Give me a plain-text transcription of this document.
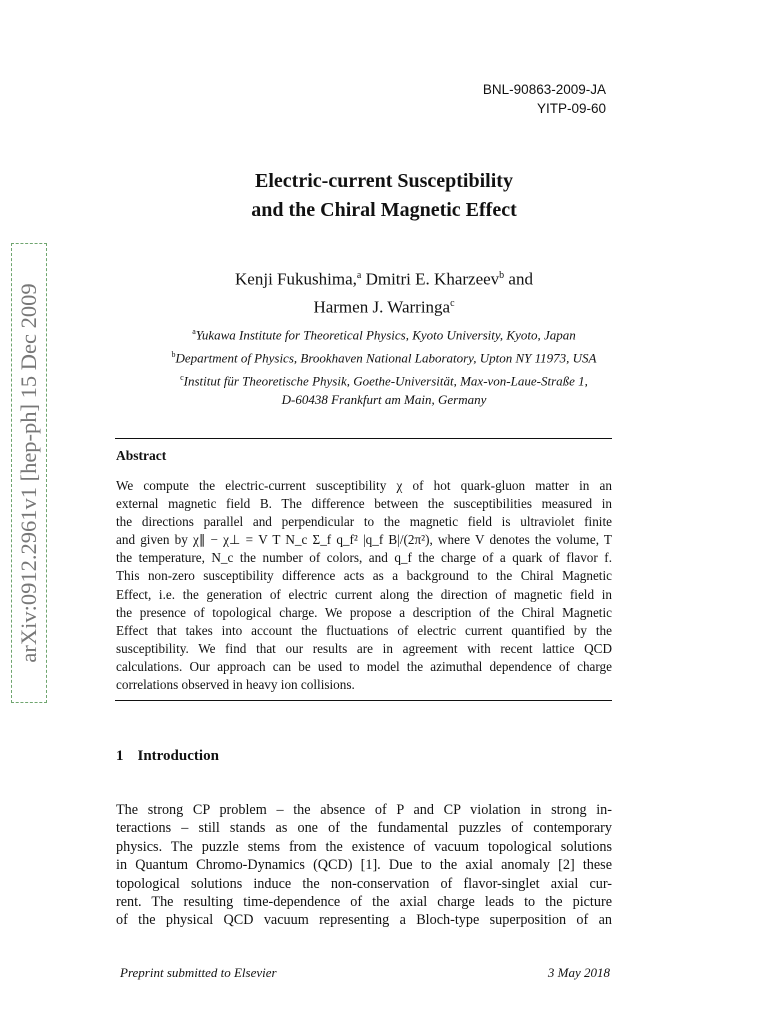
BNL-90863-2009-JA
YITP-09-60
arXiv:0912.2961v1 [hep-ph] 15 Dec 2009
Electric-current Susceptibility
and the Chiral Magnetic Effect
Kenji Fukushima,$^a$ Dmitri E. Kharzeev$^b$ and
Harmen J. Warringa$^c$
$^a$Yukawa Institute for Theoretical Physics, Kyoto University, Kyoto, Japan
$^b$Department of Physics, Brookhaven National Laboratory, Upton NY 11973, USA
$^c$Institut für Theoretische Physik, Goethe-Universität, Max-von-Laue-Straße 1,
D-60438 Frankfurt am Main, Germany
Abstract
We compute the electric-current susceptibility χ of hot quark-gluon matter in an
external magnetic field B. The difference between the susceptibilities measured in
the directions parallel and perpendicular to the magnetic field is ultraviolet finite
and given by χ∥ − χ⊥ = V T N_c Σ_f q_f² |q_f B|/(2π²), where V denotes the volume, T
the temperature, N_c the number of colors, and q_f the charge of a quark of flavor f.
This non-zero susceptibility difference acts as a background to the Chiral Magnetic
Effect, i.e. the generation of electric current along the direction of magnetic field in
the presence of topological charge. We propose a description of the Chiral Magnetic
Effect that takes into account the fluctuations of electric current quantified by the
susceptibility. We find that our results are in agreement with recent lattice QCD
calculations. Our approach can be used to model the azimuthal dependence of charge
correlations observed in heavy ion collisions.
1 Introduction
The strong CP problem – the absence of P and CP violation in strong in-
teractions – still stands as one of the fundamental puzzles of contemporary
physics. The puzzle stems from the existence of vacuum topological solutions
in Quantum Chromo-Dynamics (QCD) [1]. Due to the axial anomaly [2] these
topological solutions induce the non-conservation of flavor-singlet axial cur-
rent. The resulting time-dependence of the axial charge leads to the picture
of the physical QCD vacuum representing a Bloch-type superposition of an
Preprint submitted to Elsevier	3 May 2018
